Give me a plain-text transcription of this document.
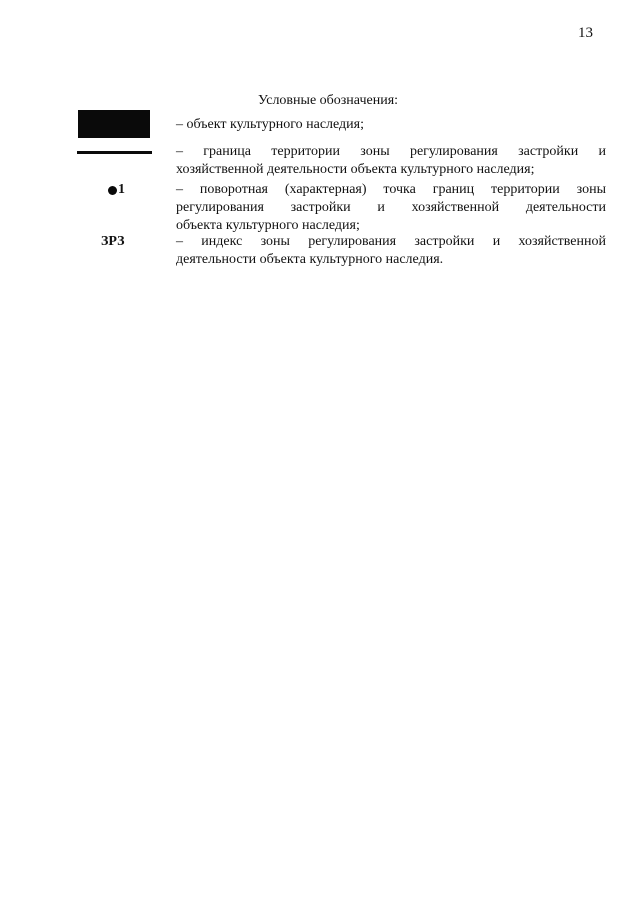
13
Условные обозначения:
– объект культурного наследия;
– граница территории зоны регулирования застройки и
хозяйственной деятельности объекта культурного наследия;
1	– поворотная (характерная) точка границ территории зоны
регулирования застройки и хозяйственной деятельности
объекта культурного наследия;
ЗРЗ	– индекс зоны регулирования застройки и хозяйственной
деятельности объекта культурного наследия.
